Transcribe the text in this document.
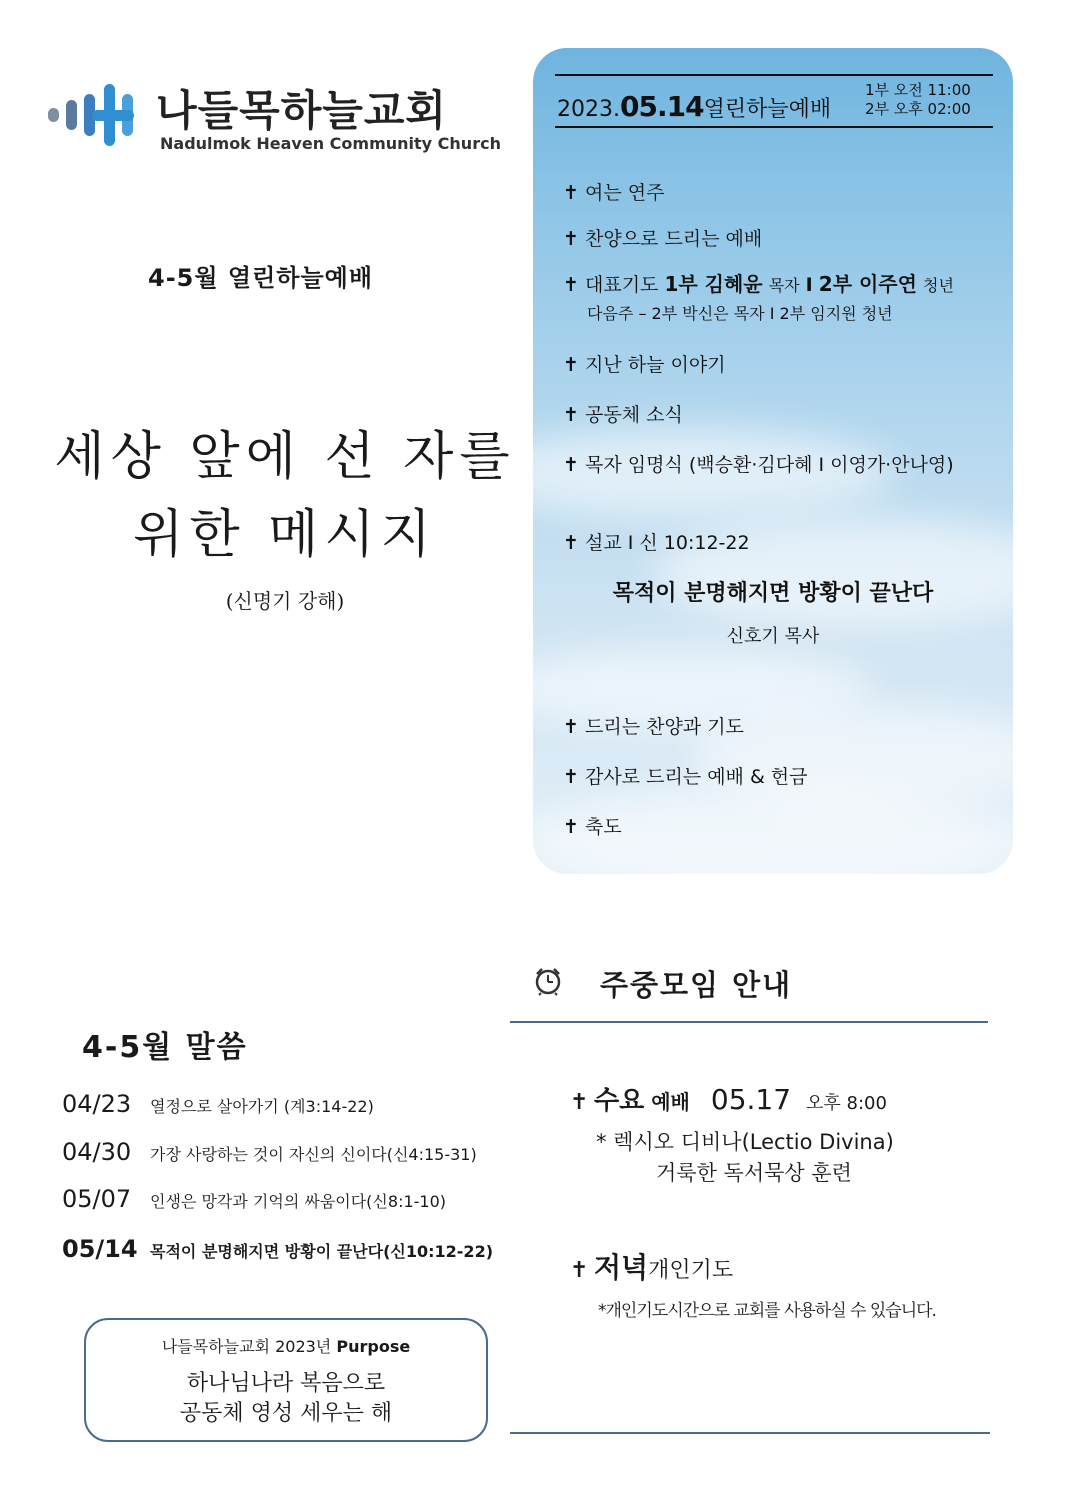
나들목하늘교회
Nadulmok Heaven Community Church
4-5월 열린하늘예배
세상 앞에 선 자를
위한 메시지
(신명기 강해)
2023.05.14열린하늘예배
1부 오전 11:00
2부 오후 02:00
✝ 여는 연주
✝ 찬양으로 드리는 예배
✝ 대표기도 1부 김혜윤 목자 I 2부 이주연 청년
다음주 – 2부 박신은 목자 I 2부 임지원 청년
✝ 지난 하늘 이야기
✝ 공동체 소식
✝ 목자 임명식 (백승환·김다혜 I 이영가·안나영)
✝ 설교 I 신 10:12-22
목적이 분명해지면 방황이 끝난다
신호기 목사
✝ 드리는 찬양과 기도
✝ 감사로 드리는 예배 & 헌금
✝ 축도
주중모임 안내
✝ 수요 예배 05.17 오후 8:00
* 렉시오 디비나(Lectio Divina)
거룩한 독서묵상 훈련
✝ 저녁개인기도
*개인기도시간으로 교회를 사용하실 수 있습니다.
4-5월 말씀
04/23 열정으로 살아가기 (계3:14-22)
04/30 가장 사랑하는 것이 자신의 신이다(신4:15-31)
05/07 인생은 망각과 기억의 싸움이다(신8:1-10)
05/14 목적이 분명해지면 방황이 끝난다(신10:12-22)
나들목하늘교회 2023년 Purpose
하나님나라 복음으로
공동체 영성 세우는 해
